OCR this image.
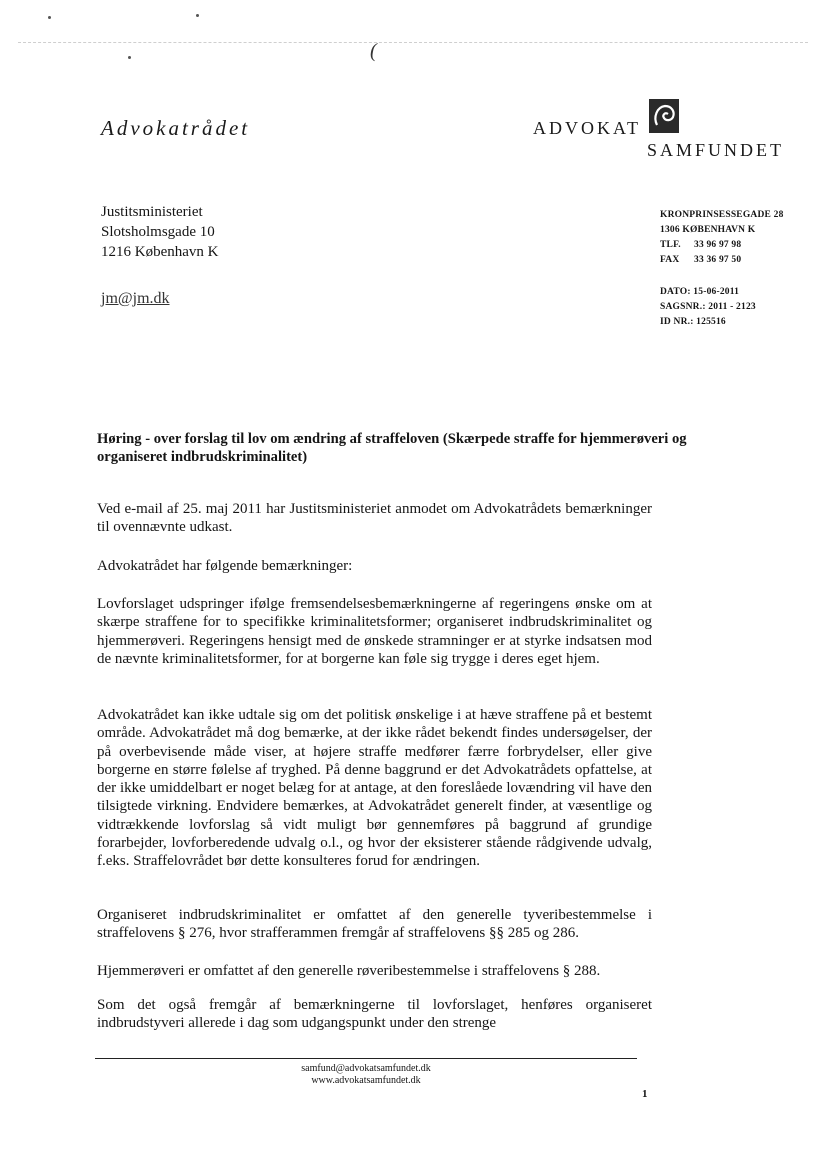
(
Advokatrådet	ADVOKAT
SAMFUNDET
Justitsministeriet
Slotsholmsgade 10
1216 København K
jm@jm.dk
KRONPRINSESSEGADE 28
1306 KØBENHAVN K
TLF.	33 96 97 98
FAX	33 36 97 50
DATO: 15-06-2011
SAGSNR.: 2011 - 2123
ID NR.: 125516
Høring - over forslag til lov om ændring af straffeloven (Skærpede straffe for hjemmerøveri og organiseret indbrudskriminalitet)
Ved e-mail af 25. maj 2011 har Justitsministeriet anmodet om Advokatrådets bemærkninger til ovennævnte udkast.
Advokatrådet har følgende bemærkninger:
Lovforslaget udspringer ifølge fremsendelsesbemærkningerne af regeringens ønske om at skærpe straffene for to specifikke kriminalitetsformer; organiseret indbrudskriminalitet og hjemmerøveri. Regeringens hensigt med de ønskede stramninger er at styrke indsatsen mod de nævnte kriminalitetsformer, for at borgerne kan føle sig trygge i deres eget hjem.
Advokatrådet kan ikke udtale sig om det politisk ønskelige i at hæve straffene på et bestemt område. Advokatrådet må dog bemærke, at der ikke rådet bekendt findes undersøgelser, der på overbevisende måde viser, at højere straffe medfører færre forbrydelser, eller give borgerne en større følelse af tryghed. På denne baggrund er det Advokatrådets opfattelse, at der ikke umiddelbart er noget belæg for at antage, at den foreslåede lovændring vil have den tilsigtede virkning. Endvidere bemærkes, at Advokatrådet generelt finder, at væsentlige og vidtrækkende lovforslag så vidt muligt bør gennemføres på baggrund af grundige forarbejder, lovforberedende udvalg o.l., og hvor der eksisterer stående rådgivende udvalg, f.eks. Straffelovrådet bør dette konsulteres forud for ændringen.
Organiseret indbrudskriminalitet er omfattet af den generelle tyveribestemmelse i straffelovens § 276, hvor strafferammen fremgår af straffelovens §§ 285 og 286.
Hjemmerøveri er omfattet af den generelle røveribestemmelse i straffelovens § 288.
Som det også fremgår af bemærkningerne til lovforslaget, henføres organiseret indbrudstyveri allerede i dag som udgangspunkt under den strenge
samfund@advokatsamfundet.dk
www.advokatsamfundet.dk
1
